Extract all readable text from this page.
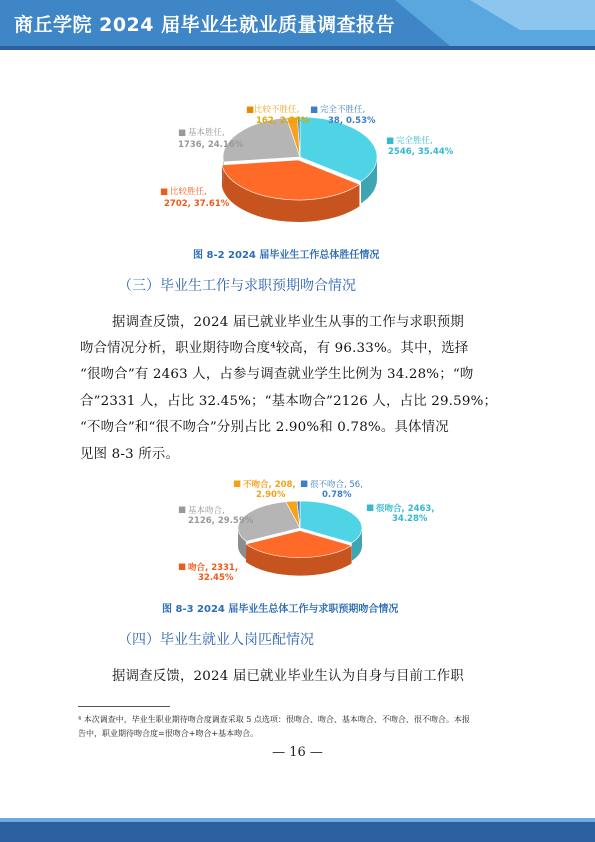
商丘学院 2024 届毕业生就业质量调查报告
■ 比较不胜任,
162, 2.26%
■ 完全不胜任,
38, 0.53%
■ 完全胜任,
2546, 35.44%
■ 基本胜任,
1736, 24.16%
■ 比较胜任,
2702, 37.61%
图 8-2 2024 届毕业生工作总体胜任情况
（三）毕业生工作与求职预期吻合情况
据调查反馈，2024 届已就业毕业生从事的工作与求职预期
吻合情况分析，职业期待吻合度⁴较高，有 96.33%。其中，选择
“很吻合”有 2463 人，占参与调查就业学生比例为 34.28%；“吻
合”2331 人，占比 32.45%；“基本吻合”2126 人，占比 29.59%；
“不吻合”和“很不吻合”分别占比 2.90%和 0.78%。具体情况
见图 8-3 所示。
■ 不吻合, 208,
2.90%
■ 很不吻合, 56,
0.78%
■ 很吻合, 2463,
34.28%
■ 基本吻合,
2126, 29.59%
■ 吻合, 2331,
32.45%
图 8-3 2024 届毕业生总体工作与求职预期吻合情况
（四）毕业生就业人岗匹配情况
据调查反馈，2024 届已就业毕业生认为自身与目前工作职
⁴ 本次调查中，毕业生职业期待吻合度调查采取 5 点选项：很吻合、吻合、基本吻合、不吻合、很不吻合。本报
告中，职业期待吻合度=很吻合+吻合+基本吻合。
— 16 —
